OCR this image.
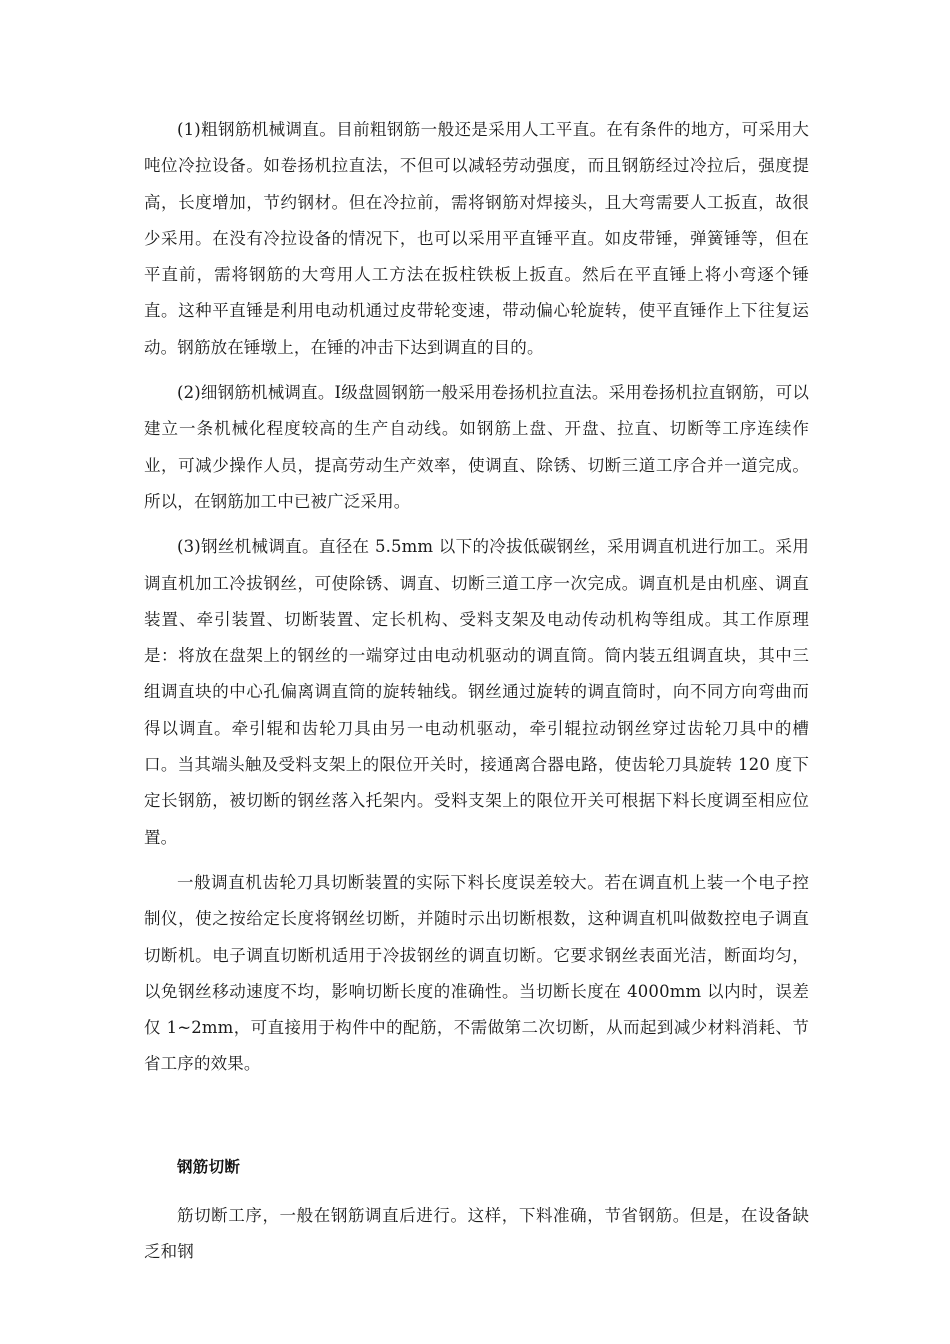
(1)粗钢筋机械调直。目前粗钢筋一般还是采用人工平直。在有条件的地方，可采用大吨位冷拉设备。如卷扬机拉直法，不但可以减轻劳动强度，而且钢筋经过冷拉后，强度提高，长度增加，节约钢材。但在冷拉前，需将钢筋对焊接头，且大弯需要人工扳直，故很少采用。在没有冷拉设备的情况下，也可以采用平直锤平直。如皮带锤，弹簧锤等，但在平直前，需将钢筋的大弯用人工方法在扳柱铁板上扳直。然后在平直锤上将小弯逐个锤直。这种平直锤是利用电动机通过皮带轮变速，带动偏心轮旋转，使平直锤作上下往复运动。钢筋放在锤墩上，在锤的冲击下达到调直的目的。

(2)细钢筋机械调直。Ⅰ级盘圆钢筋一般采用卷扬机拉直法。采用卷扬机拉直钢筋，可以建立一条机械化程度较高的生产自动线。如钢筋上盘、开盘、拉直、切断等工序连续作业，可减少操作人员，提高劳动生产效率，使调直、除锈、切断三道工序合并一道完成。所以，在钢筋加工中已被广泛采用。

(3)钢丝机械调直。直径在 5.5mm 以下的冷拔低碳钢丝，采用调直机进行加工。采用调直机加工冷拔钢丝，可使除锈、调直、切断三道工序一次完成。调直机是由机座、调直装置、牵引装置、切断装置、定长机构、受料支架及电动传动机构等组成。其工作原理是：将放在盘架上的钢丝的一端穿过由电动机驱动的调直筒。筒内装五组调直块，其中三组调直块的中心孔偏离调直筒的旋转轴线。钢丝通过旋转的调直筒时，向不同方向弯曲而得以调直。牵引辊和齿轮刀具由另一电动机驱动，牵引辊拉动钢丝穿过齿轮刀具中的槽口。当其端头触及受料支架上的限位开关时，接通离合器电路，使齿轮刀具旋转 120 度下定长钢筋，被切断的钢丝落入托架内。受料支架上的限位开关可根据下料长度调至相应位置。

一般调直机齿轮刀具切断装置的实际下料长度误差较大。若在调直机上装一个电子控制仪，使之按给定长度将钢丝切断，并随时示出切断根数，这种调直机叫做数控电子调直切断机。电子调直切断机适用于冷拔钢丝的调直切断。它要求钢丝表面光洁，断面均匀，以免钢丝移动速度不均，影响切断长度的准确性。当切断长度在 4000mm 以内时，误差仅 1~2mm，可直接用于构件中的配筋，不需做第二次切断，从而起到减少材料消耗、节省工序的效果。

钢筋切断

筋切断工序，一般在钢筋调直后进行。这样，下料准确，节省钢筋。但是，在设备缺乏和钢
